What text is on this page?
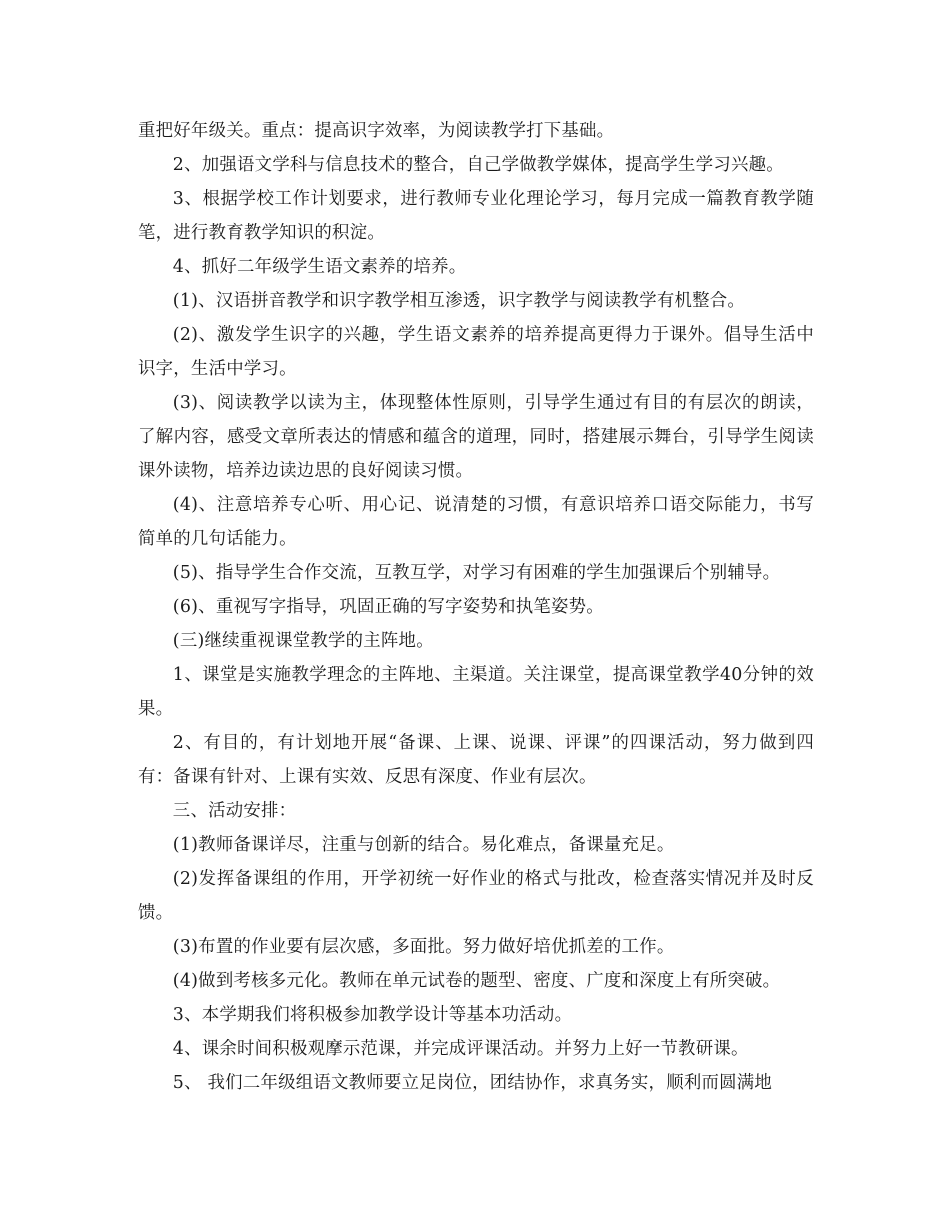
重把好年级关。重点：提高识字效率，为阅读教学打下基础。

2、加强语文学科与信息技术的整合，自己学做教学媒体，提高学生学习兴趣。

3、根据学校工作计划要求，进行教师专业化理论学习，每月完成一篇教育教学随笔，进行教育教学知识的积淀。

4、抓好二年级学生语文素养的培养。

(1)、汉语拼音教学和识字教学相互渗透，识字教学与阅读教学有机整合。

(2)、激发学生识字的兴趣，学生语文素养的培养提高更得力于课外。倡导生活中识字，生活中学习。

(3)、阅读教学以读为主，体现整体性原则，引导学生通过有目的有层次的朗读，了解内容，感受文章所表达的情感和蕴含的道理，同时，搭建展示舞台，引导学生阅读课外读物，培养边读边思的良好阅读习惯。

(4)、注意培养专心听、用心记、说清楚的习惯，有意识培养口语交际能力，书写简单的几句话能力。

(5)、指导学生合作交流，互教互学，对学习有困难的学生加强课后个别辅导。

(6)、重视写字指导，巩固正确的写字姿势和执笔姿势。

(三)继续重视课堂教学的主阵地。

1、课堂是实施教学理念的主阵地、主渠道。关注课堂，提高课堂教学40分钟的效果。

2、有目的，有计划地开展“备课、上课、说课、评课”的四课活动，努力做到四有：备课有针对、上课有实效、反思有深度、作业有层次。

三、活动安排：

(1)教师备课详尽，注重与创新的结合。易化难点，备课量充足。

(2)发挥备课组的作用，开学初统一好作业的格式与批改，检查落实情况并及时反馈。

(3)布置的作业要有层次感，多面批。努力做好培优抓差的工作。

(4)做到考核多元化。教师在单元试卷的题型、密度、广度和深度上有所突破。

3、本学期我们将积极参加教学设计等基本功活动。

4、课余时间积极观摩示范课，并完成评课活动。并努力上好一节教研课。

5、 我们二年级组语文教师要立足岗位，团结协作，求真务实，顺利而圆满地
